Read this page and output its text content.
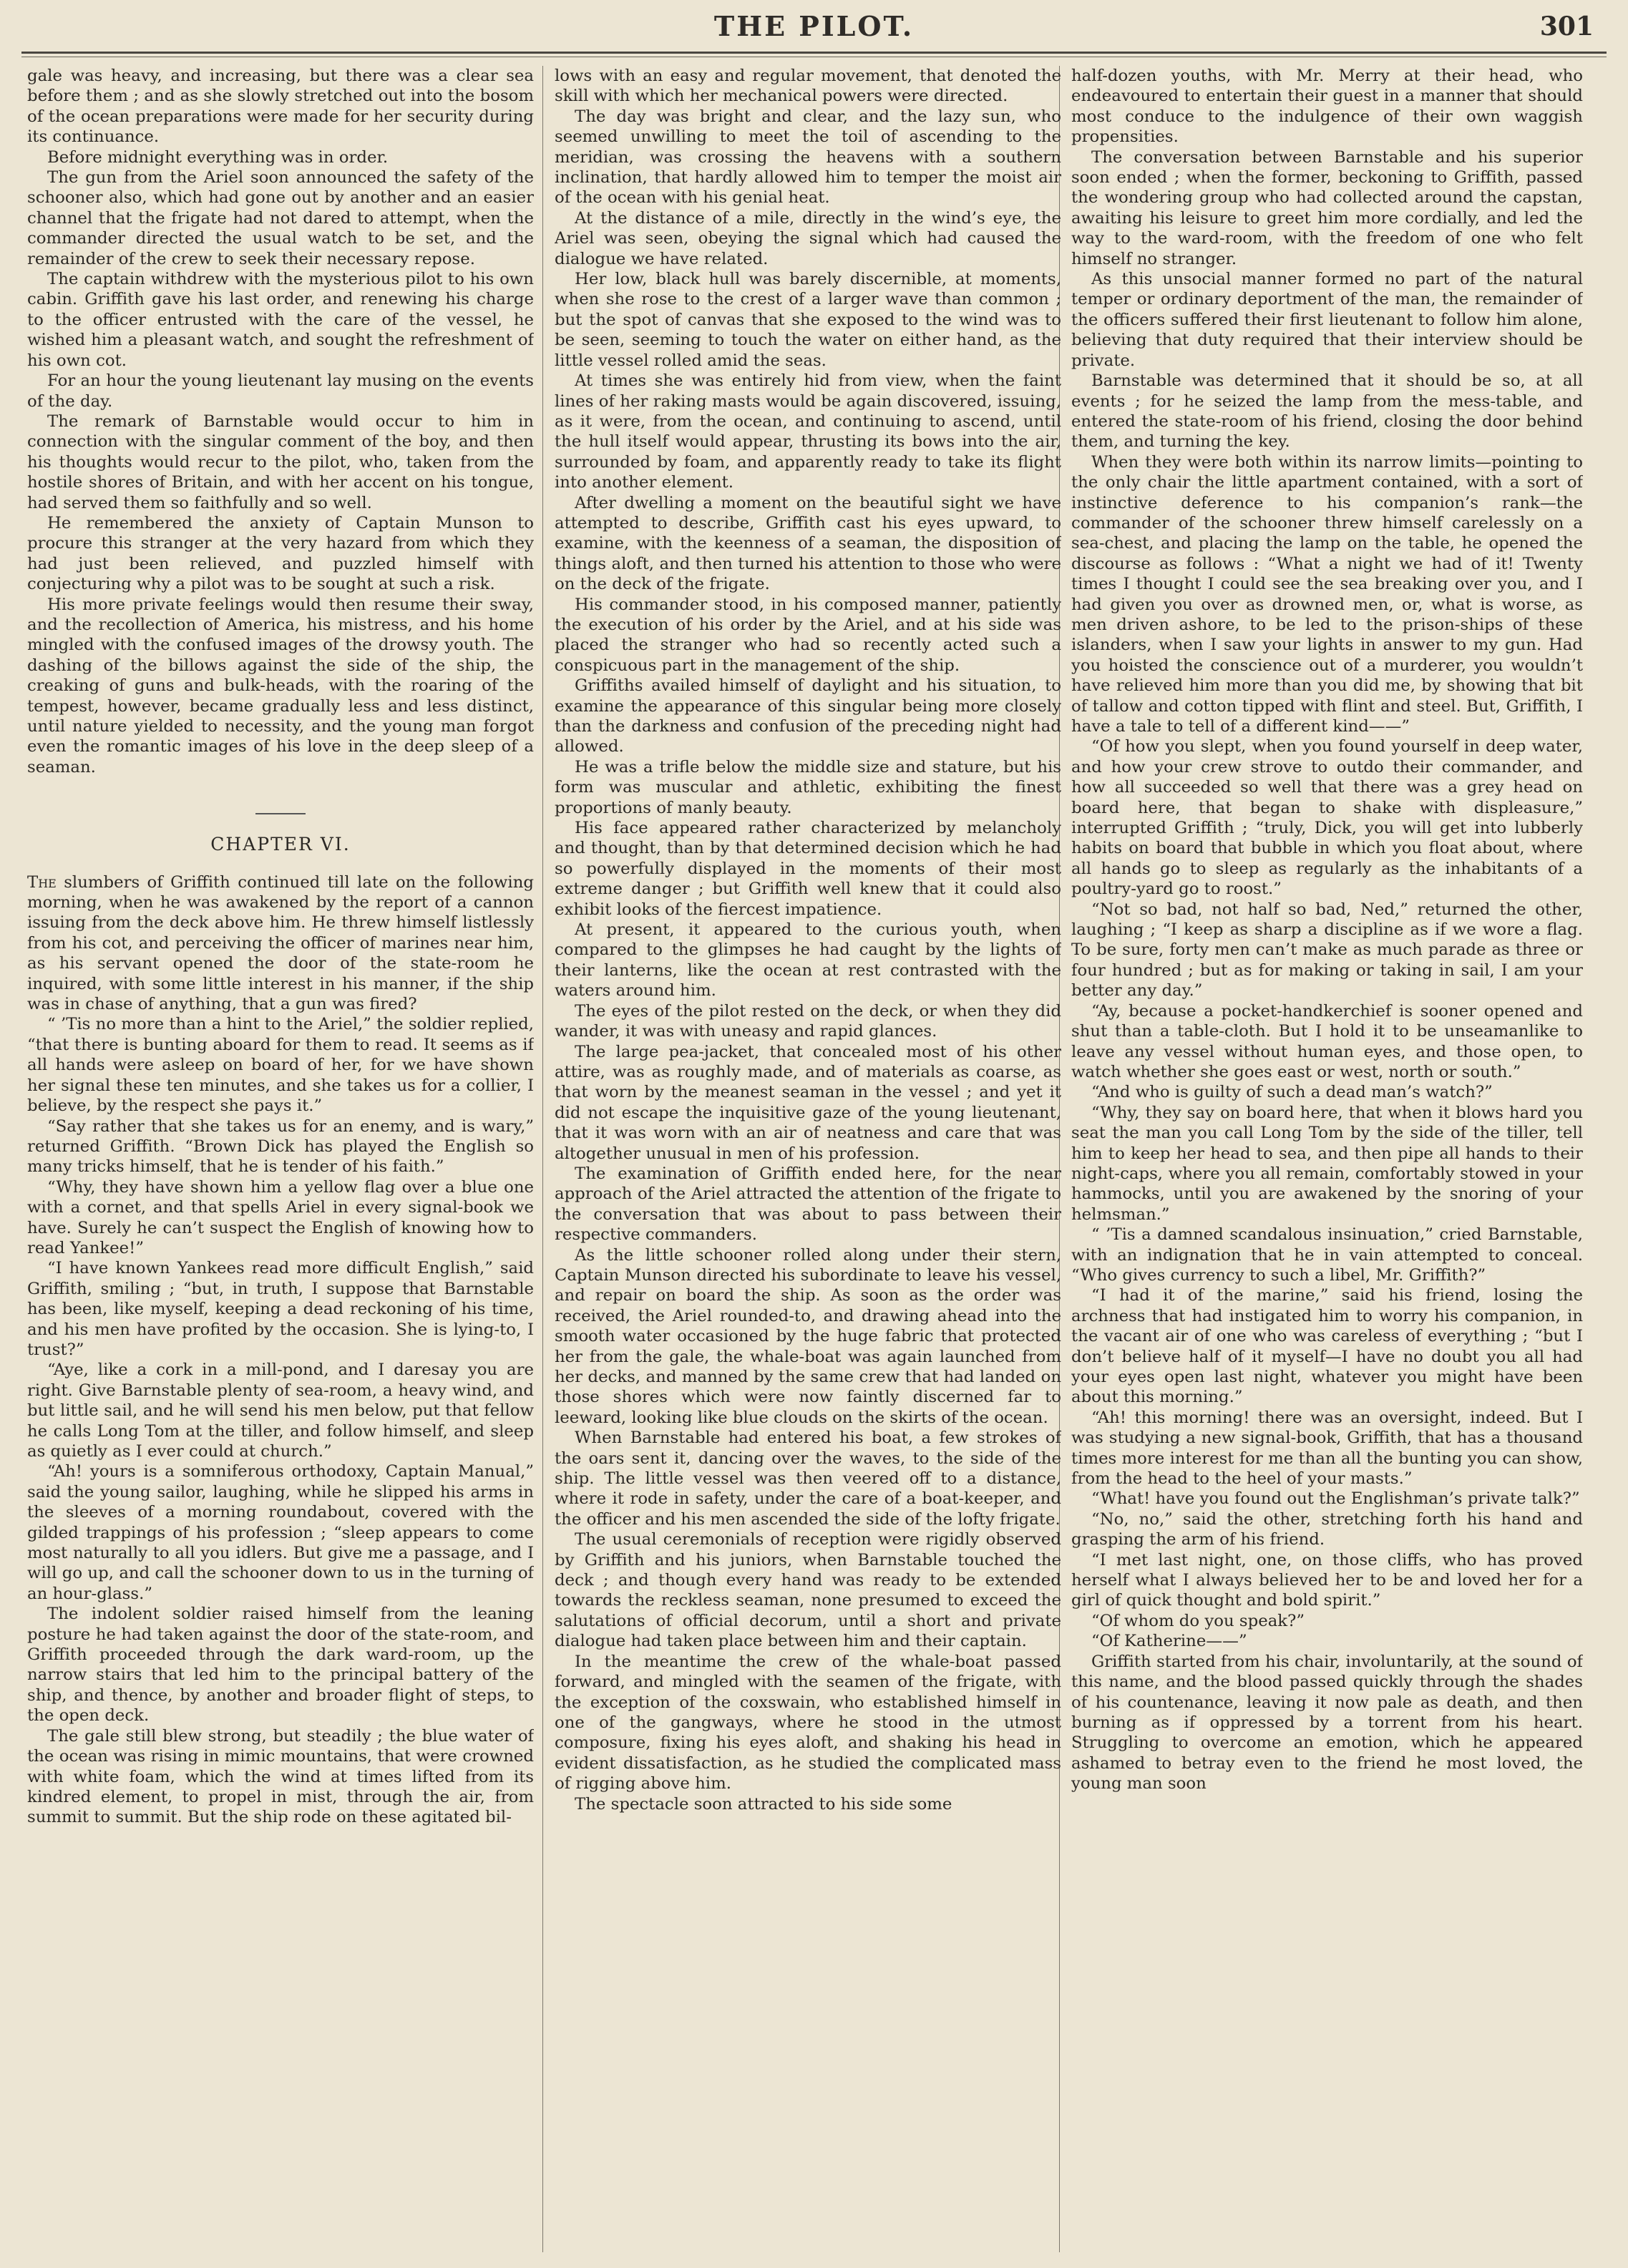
THE PILOT.	301

gale was heavy, and increasing, but there was a clear sea before them ; and as she slowly stretched out into the bosom of the ocean preparations were made for her security during its continuance.

Before midnight everything was in order.

The gun from the Ariel soon announced the safety of the schooner also, which had gone out by another and an easier channel that the frigate had not dared to attempt, when the commander directed the usual watch to be set, and the remainder of the crew to seek their necessary repose.

The captain withdrew with the mysterious pilot to his own cabin. Griffith gave his last order, and renewing his charge to the officer entrusted with the care of the vessel, he wished him a pleasant watch, and sought the refreshment of his own cot.

For an hour the young lieutenant lay musing on the events of the day.

The remark of Barnstable would occur to him in connection with the singular comment of the boy, and then his thoughts would recur to the pilot, who, taken from the hostile shores of Britain, and with her accent on his tongue, had served them so faithfully and so well.

He remembered the anxiety of Captain Munson to procure this stranger at the very hazard from which they had just been relieved, and puzzled himself with conjecturing why a pilot was to be sought at such a risk.

His more private feelings would then resume their sway, and the recollection of America, his mistress, and his home mingled with the confused images of the drowsy youth. The dashing of the billows against the side of the ship, the creaking of guns and bulk-heads, with the roaring of the tempest, however, became gradually less and less distinct, until nature yielded to necessity, and the young man forgot even the romantic images of his love in the deep sleep of a seaman.

CHAPTER VI.

The slumbers of Griffith continued till late on the following morning, when he was awakened by the report of a cannon issuing from the deck above him. He threw himself listlessly from his cot, and perceiving the officer of marines near him, as his servant opened the door of the state-room he inquired, with some little interest in his manner, if the ship was in chase of anything, that a gun was fired?

“ ’Tis no more than a hint to the Ariel,” the soldier replied, “that there is bunting aboard for them to read. It seems as if all hands were asleep on board of her, for we have shown her signal these ten minutes, and she takes us for a collier, I believe, by the respect she pays it.”

“Say rather that she takes us for an enemy, and is wary,” returned Griffith. “Brown Dick has played the English so many tricks himself, that he is tender of his faith.”

“Why, they have shown him a yellow flag over a blue one with a cornet, and that spells Ariel in every signal-book we have. Surely he can’t suspect the English of knowing how to read Yankee!”

“I have known Yankees read more difficult English,” said Griffith, smiling ; “but, in truth, I suppose that Barnstable has been, like myself, keeping a dead reckoning of his time, and his men have profited by the occasion. She is lying-to, I trust?”

“Aye, like a cork in a mill-pond, and I daresay you are right. Give Barnstable plenty of sea-room, a heavy wind, and but little sail, and he will send his men below, put that fellow he calls Long Tom at the tiller, and follow himself, and sleep as quietly as I ever could at church.”

“Ah! yours is a somniferous orthodoxy, Captain Manual,” said the young sailor, laughing, while he slipped his arms in the sleeves of a morning roundabout, covered with the gilded trappings of his profession ; “sleep appears to come most naturally to all you idlers. But give me a passage, and I will go up, and call the schooner down to us in the turning of an hour-glass.”

The indolent soldier raised himself from the leaning posture he had taken against the door of the state-room, and Griffith proceeded through the dark ward-room, up the narrow stairs that led him to the principal battery of the ship, and thence, by another and broader flight of steps, to the open deck.

The gale still blew strong, but steadily ; the blue water of the ocean was rising in mimic mountains, that were crowned with white foam, which the wind at times lifted from its kindred element, to propel in mist, through the air, from summit to summit. But the ship rode on these agitated bil-

lows with an easy and regular movement, that denoted the skill with which her mechanical powers were directed.

The day was bright and clear, and the lazy sun, who seemed unwilling to meet the toil of ascending to the meridian, was crossing the heavens with a southern inclination, that hardly allowed him to temper the moist air of the ocean with his genial heat.

At the distance of a mile, directly in the wind’s eye, the Ariel was seen, obeying the signal which had caused the dialogue we have related.

Her low, black hull was barely discernible, at moments, when she rose to the crest of a larger wave than common ; but the spot of canvas that she exposed to the wind was to be seen, seeming to touch the water on either hand, as the little vessel rolled amid the seas.

At times she was entirely hid from view, when the faint lines of her raking masts would be again discovered, issuing, as it were, from the ocean, and continuing to ascend, until the hull itself would appear, thrusting its bows into the air, surrounded by foam, and apparently ready to take its flight into another element.

After dwelling a moment on the beautiful sight we have attempted to describe, Griffith cast his eyes upward, to examine, with the keenness of a seaman, the disposition of things aloft, and then turned his attention to those who were on the deck of the frigate.

His commander stood, in his composed manner, patiently the execution of his order by the Ariel, and at his side was placed the stranger who had so recently acted such a conspicuous part in the management of the ship.

Griffiths availed himself of daylight and his situation, to examine the appearance of this singular being more closely than the darkness and confusion of the preceding night had allowed.

He was a trifle below the middle size and stature, but his form was muscular and athletic, exhibiting the finest proportions of manly beauty.

His face appeared rather characterized by melancholy and thought, than by that determined decision which he had so powerfully displayed in the moments of their most extreme danger ; but Griffith well knew that it could also exhibit looks of the fiercest impatience.

At present, it appeared to the curious youth, when compared to the glimpses he had caught by the lights of their lanterns, like the ocean at rest contrasted with the waters around him.

The eyes of the pilot rested on the deck, or when they did wander, it was with uneasy and rapid glances.

The large pea-jacket, that concealed most of his other attire, was as roughly made, and of materials as coarse, as that worn by the meanest seaman in the vessel ; and yet it did not escape the inquisitive gaze of the young lieutenant, that it was worn with an air of neatness and care that was altogether unusual in men of his profession.

The examination of Griffith ended here, for the near approach of the Ariel attracted the attention of the frigate to the conversation that was about to pass between their respective commanders.

As the little schooner rolled along under their stern, Captain Munson directed his subordinate to leave his vessel, and repair on board the ship. As soon as the order was received, the Ariel rounded-to, and drawing ahead into the smooth water occasioned by the huge fabric that protected her from the gale, the whale-boat was again launched from her decks, and manned by the same crew that had landed on those shores which were now faintly discerned far to leeward, looking like blue clouds on the skirts of the ocean.

When Barnstable had entered his boat, a few strokes of the oars sent it, dancing over the waves, to the side of the ship. The little vessel was then veered off to a distance, where it rode in safety, under the care of a boat-keeper, and the officer and his men ascended the side of the lofty frigate.

The usual ceremonials of reception were rigidly observed by Griffith and his juniors, when Barnstable touched the deck ; and though every hand was ready to be extended towards the reckless seaman, none presumed to exceed the salutations of official decorum, until a short and private dialogue had taken place between him and their captain.

In the meantime the crew of the whale-boat passed forward, and mingled with the seamen of the frigate, with the exception of the coxswain, who established himself in one of the gangways, where he stood in the utmost composure, fixing his eyes aloft, and shaking his head in evident dissatisfaction, as he studied the complicated mass of rigging above him.

The spectacle soon attracted to his side some

half-dozen youths, with Mr. Merry at their head, who endeavoured to entertain their guest in a manner that should most conduce to the indulgence of their own waggish propensities.

The conversation between Barnstable and his superior soon ended ; when the former, beckoning to Griffith, passed the wondering group who had collected around the capstan, awaiting his leisure to greet him more cordially, and led the way to the ward-room, with the freedom of one who felt himself no stranger.

As this unsocial manner formed no part of the natural temper or ordinary deportment of the man, the remainder of the officers suffered their first lieutenant to follow him alone, believing that duty required that their interview should be private.

Barnstable was determined that it should be so, at all events ; for he seized the lamp from the mess-table, and entered the state-room of his friend, closing the door behind them, and turning the key.

When they were both within its narrow limits—pointing to the only chair the little apartment contained, with a sort of instinctive deference to his companion’s rank—the commander of the schooner threw himself carelessly on a sea-chest, and placing the lamp on the table, he opened the discourse as follows : “What a night we had of it! Twenty times I thought I could see the sea breaking over you, and I had given you over as drowned men, or, what is worse, as men driven ashore, to be led to the prison-ships of these islanders, when I saw your lights in answer to my gun. Had you hoisted the conscience out of a murderer, you wouldn’t have relieved him more than you did me, by showing that bit of tallow and cotton tipped with flint and steel. But, Griffith, I have a tale to tell of a different kind——”

“Of how you slept, when you found yourself in deep water, and how your crew strove to outdo their commander, and how all succeeded so well that there was a grey head on board here, that began to shake with displeasure,” interrupted Griffith ; “truly, Dick, you will get into lubberly habits on board that bubble in which you float about, where all hands go to sleep as regularly as the inhabitants of a poultry-yard go to roost.”

“Not so bad, not half so bad, Ned,” returned the other, laughing ; “I keep as sharp a discipline as if we wore a flag. To be sure, forty men can’t make as much parade as three or four hundred ; but as for making or taking in sail, I am your better any day.”

“Ay, because a pocket-handkerchief is sooner opened and shut than a table-cloth. But I hold it to be unseamanlike to leave any vessel without human eyes, and those open, to watch whether she goes east or west, north or south.”

“And who is guilty of such a dead man’s watch?”

“Why, they say on board here, that when it blows hard you seat the man you call Long Tom by the side of the tiller, tell him to keep her head to sea, and then pipe all hands to their night-caps, where you all remain, comfortably stowed in your hammocks, until you are awakened by the snoring of your helmsman.”

“ ’Tis a damned scandalous insinuation,” cried Barnstable, with an indignation that he in vain attempted to conceal. “Who gives currency to such a libel, Mr. Griffith?”

“I had it of the marine,” said his friend, losing the archness that had instigated him to worry his companion, in the vacant air of one who was careless of everything ; “but I don’t believe half of it myself—I have no doubt you all had your eyes open last night, whatever you might have been about this morning.”

“Ah! this morning! there was an oversight, indeed. But I was studying a new signal-book, Griffith, that has a thousand times more interest for me than all the bunting you can show, from the head to the heel of your masts.”

“What! have you found out the Englishman’s private talk?”

“No, no,” said the other, stretching forth his hand and grasping the arm of his friend.

“I met last night, one, on those cliffs, who has proved herself what I always believed her to be and loved her for a girl of quick thought and bold spirit.”

“Of whom do you speak?”

“Of Katherine——”

Griffith started from his chair, involuntarily, at the sound of this name, and the blood passed quickly through the shades of his countenance, leaving it now pale as death, and then burning as if oppressed by a torrent from his heart. Struggling to overcome an emotion, which he appeared ashamed to betray even to the friend he most loved, the young man soon
